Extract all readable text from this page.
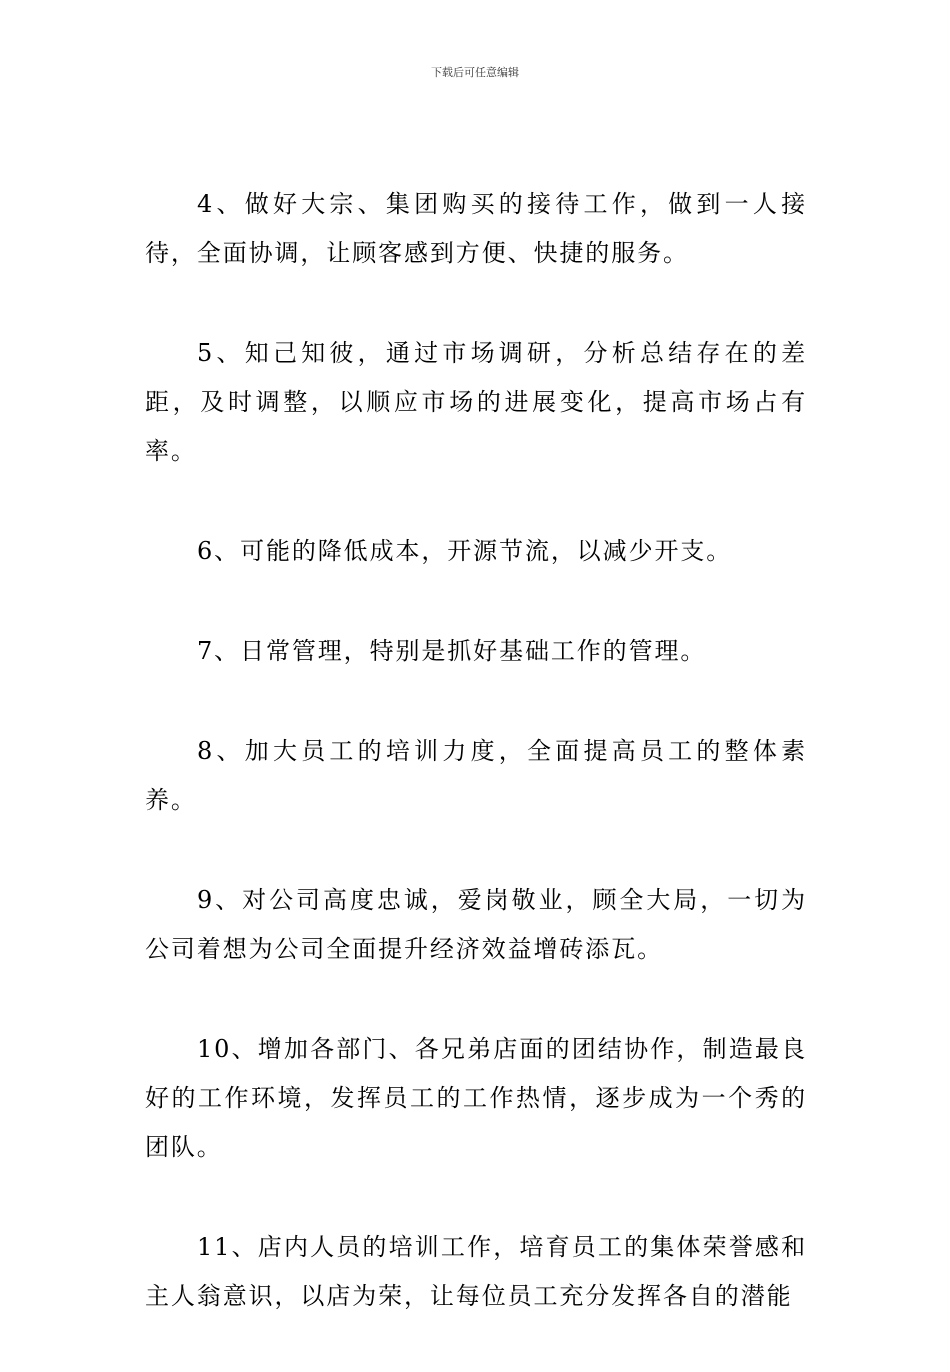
下载后可任意编辑

4、做好大宗、集团购买的接待工作，做到一人接待，全面协调，让顾客感到方便、快捷的服务。

5、知己知彼，通过市场调研，分析总结存在的差距，及时调整，以顺应市场的进展变化，提高市场占有率。

6、可能的降低成本，开源节流，以减少开支。

7、日常管理，特别是抓好基础工作的管理。

8、加大员工的培训力度，全面提高员工的整体素养。

9、对公司高度忠诚，爱岗敬业，顾全大局，一切为公司着想为公司全面提升经济效益增砖添瓦。

10、增加各部门、各兄弟店面的团结协作，制造最良好的工作环境，发挥员工的工作热情，逐步成为一个秀的团队。

11、店内人员的培训工作，培育员工的集体荣誉感和主人翁意识，以店为荣，让每位员工充分发挥各自的潜能
